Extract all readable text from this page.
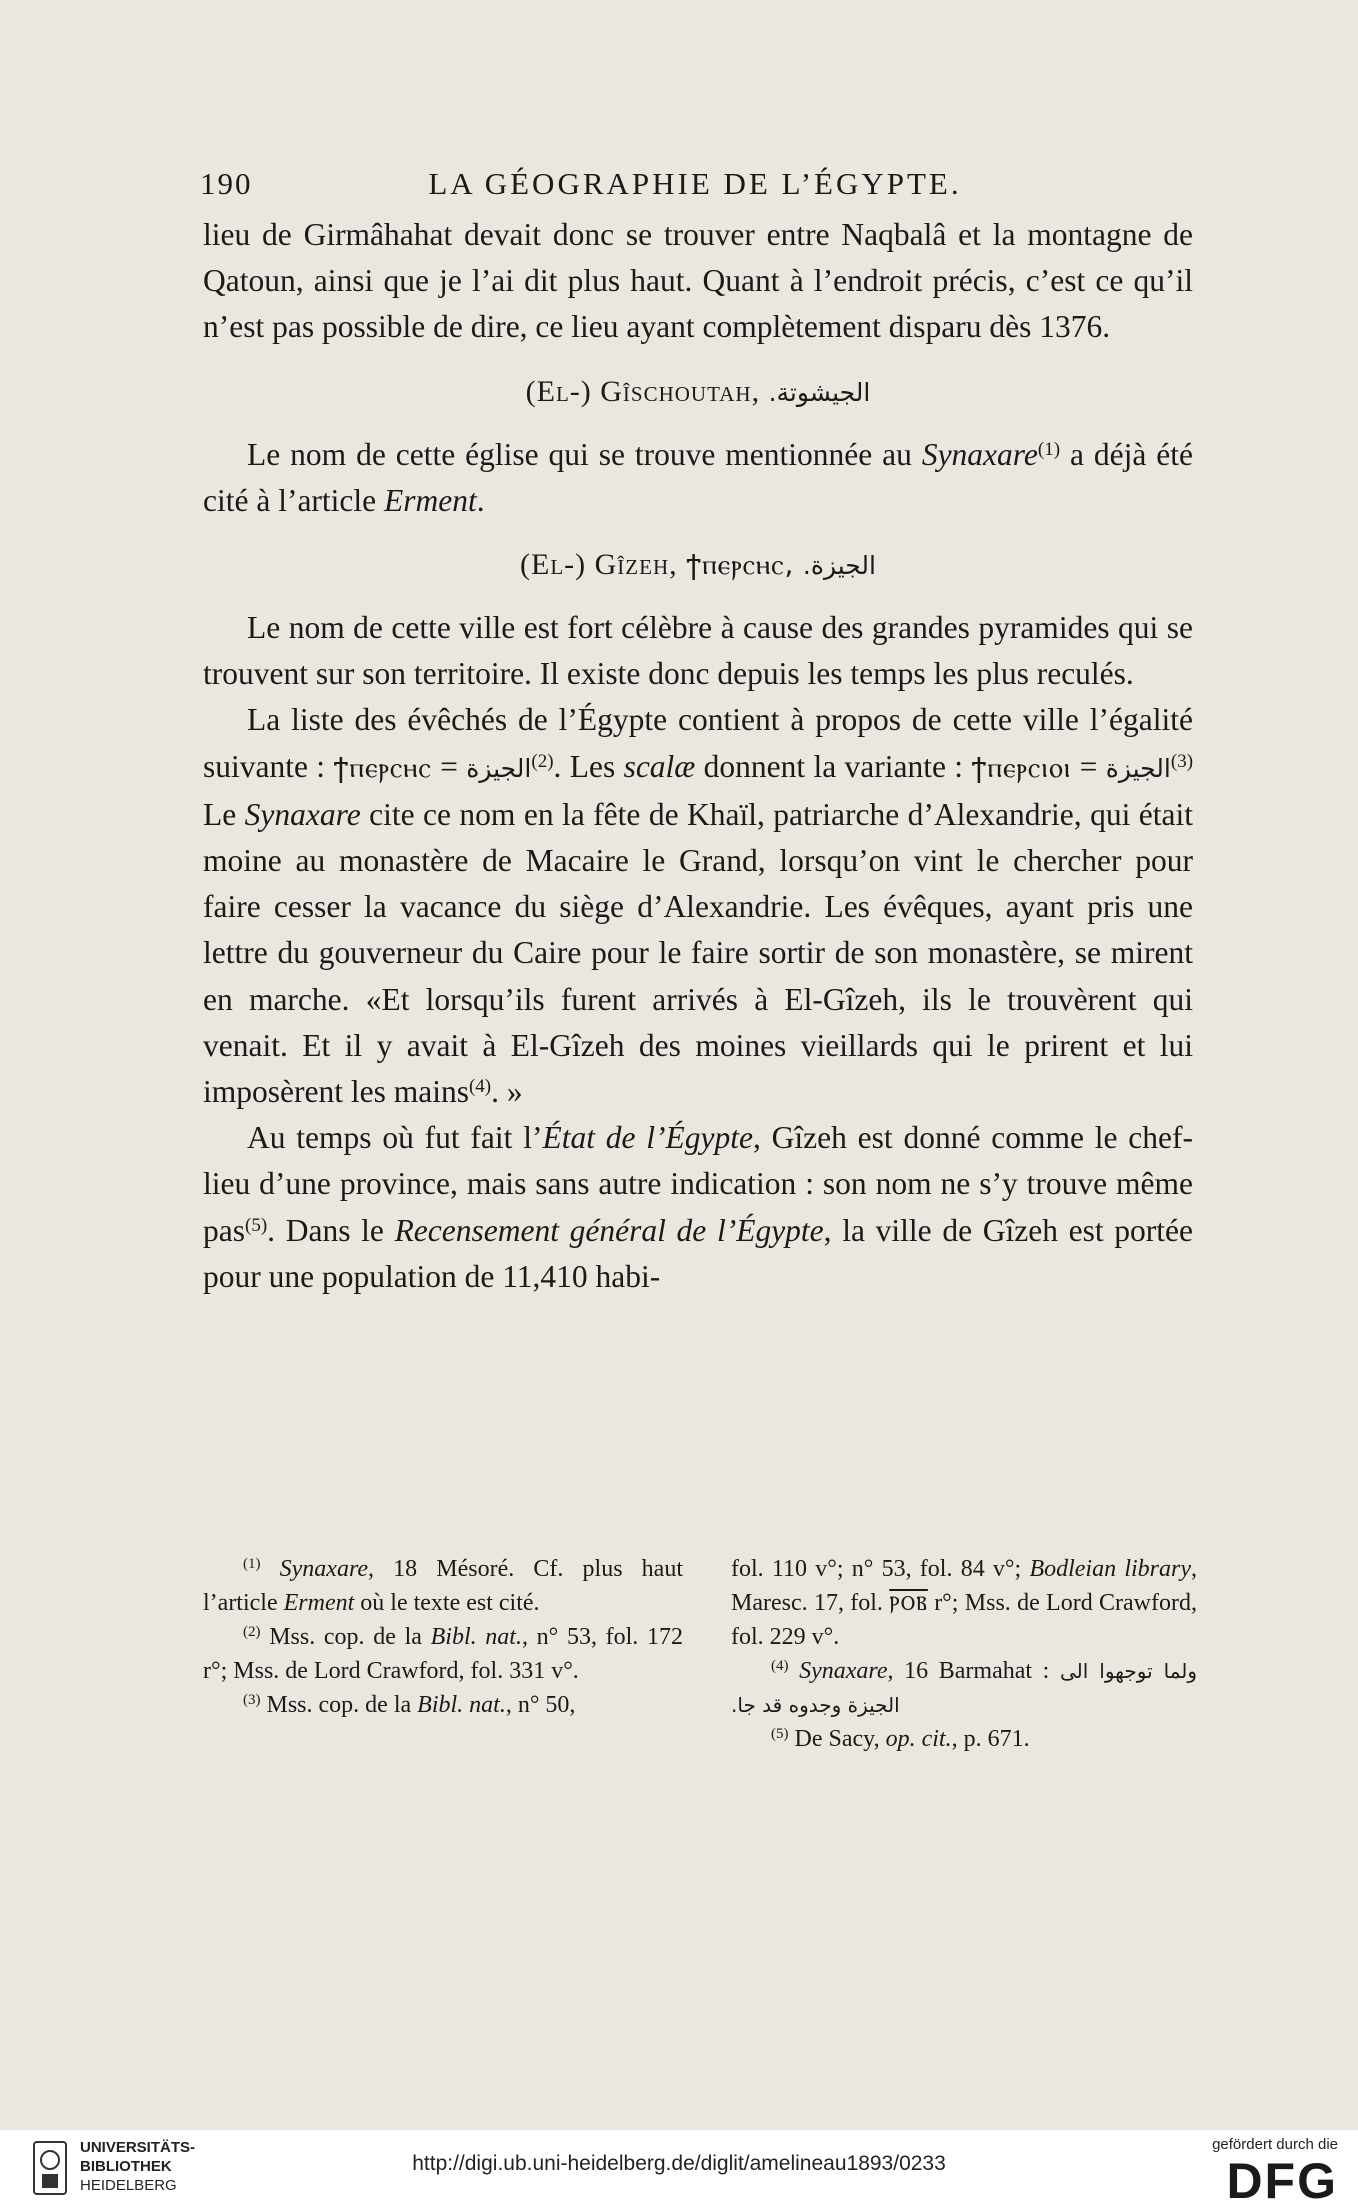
190	LA GÉOGRAPHIE DE L’ÉGYPTE.

lieu de Girmâhahat devait donc se trouver entre Naqbalâ et la montagne de Qatoun, ainsi que je l’ai dit plus haut. Quant à l’endroit précis, c’est ce qu’il n’est pas possible de dire, ce lieu ayant complètement disparu dès 1376.

(El-) Gîschoutah, الجيشوتة.

Le nom de cette église qui se trouve mentionnée au Synaxare$^{(1)}$ a déjà été cité à l’article Erment.

(El-) Gîzeh, ϯⲡⲉⲣⲥⲏⲥ, الجيزة.

Le nom de cette ville est fort célèbre à cause des grandes pyramides qui se trouvent sur son territoire. Il existe donc depuis les temps les plus reculés.

La liste des évêchés de l’Égypte contient à propos de cette ville l’égalité suivante : ϯⲡⲉⲣⲥⲏⲥ = الجيزة$^{(2)}$. Les scalæ donnent la variante : ϯⲡⲉⲣⲥⲓⲟⲓ = الجيزة$^{(3)}$ Le Synaxare cite ce nom en la fête de Khaïl, patriarche d’Alexandrie, qui était moine au monastère de Macaire le Grand, lorsqu’on vint le chercher pour faire cesser la vacance du siège d’Alexandrie. Les évêques, ayant pris une lettre du gouverneur du Caire pour le faire sortir de son monastère, se mirent en marche. «Et lorsqu’ils furent arrivés à El-Gîzeh, ils le trouvèrent qui venait. Et il y avait à El-Gîzeh des moines vieillards qui le prirent et lui imposèrent les mains$^{(4)}$. »

Au temps où fut fait l’État de l’Égypte, Gîzeh est donné comme le chef-lieu d’une province, mais sans autre indication : son nom ne s’y trouve même pas$^{(5)}$. Dans le Recensement général de l’Égypte, la ville de Gîzeh est portée pour une population de 11,410 habi-

$^{(1)}$ Synaxare, 18 Mésoré. Cf. plus haut l’article Erment où le texte est cité.

$^{(2)}$ Mss. cop. de la Bibl. nat., n° 53, fol. 172 r°; Mss. de Lord Crawford, fol. 331 v°.

$^{(3)}$ Mss. cop. de la Bibl. nat., n° 50,

fol. 110 v°; n° 53, fol. 84 v°; Bodleian library, Maresc. 17, fol. ⲢⲞⲂ r°; Mss. de Lord Crawford, fol. 229 v°.

$^{(4)}$ Synaxare, 16 Barmahat : ولما توجهوا الى الجيزة وجدوه قد جا.

$^{(5)}$ De Sacy, op. cit., p. 671.

UNIVERSITÄTS-
BIBLIOTHEK
HEIDELBERG
http://digi.ub.uni-heidelberg.de/diglit/amelineau1893/0233
gefördert durch die
DFG
